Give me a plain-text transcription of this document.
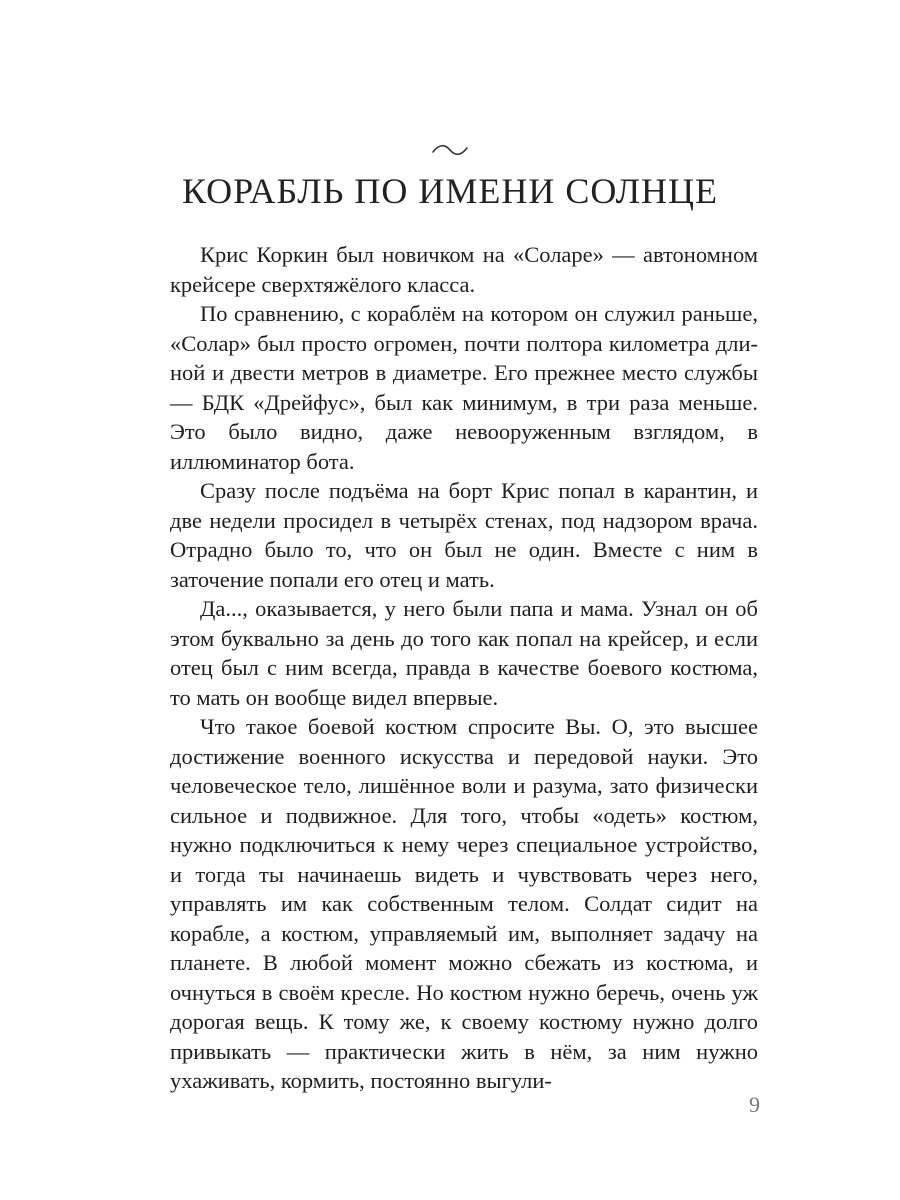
КОРАБЛЬ ПО ИМЕНИ СОЛНЦЕ

Крис Коркин был новичком на «Соларе» — автономном крейсере сверхтяжёлого класса.

По сравнению, с кораблём на котором он служил раньше, «Солар» был просто огромен, почти полтора километра длиной и двести метров в диаметре. Его прежнее место службы — БДК «Дрейфус», был как минимум, в три раза меньше. Это было видно, даже невооруженным взглядом, в иллюминатор бота.

Сразу после подъёма на борт Крис попал в карантин, и две недели просидел в четырёх стенах, под надзором врача. Отрадно было то, что он был не один. Вместе с ним в заточение попали его отец и мать.

Да..., оказывается, у него были папа и мама. Узнал он об этом буквально за день до того как попал на крейсер, и если отец был с ним всегда, правда в качестве боевого костюма, то мать он вообще видел впервые.

Что такое боевой костюм спросите Вы. О, это высшее достижение военного искусства и передовой науки. Это человеческое тело, лишённое воли и разума, зато физически сильное и подвижное. Для того, чтобы «одеть» костюм, нужно подключиться к нему через специальное устройство, и тогда ты начинаешь видеть и чувствовать через него, управлять им как собственным телом. Солдат сидит на корабле, а костюм, управляемый им, выполняет задачу на планете. В любой момент можно сбежать из костюма, и очнуться в своём кресле. Но костюм нужно беречь, очень уж дорогая вещь. К тому же, к своему костюму нужно долго привыкать — практически жить в нём, за ним нужно ухаживать, кормить, постоянно выгули-

9
